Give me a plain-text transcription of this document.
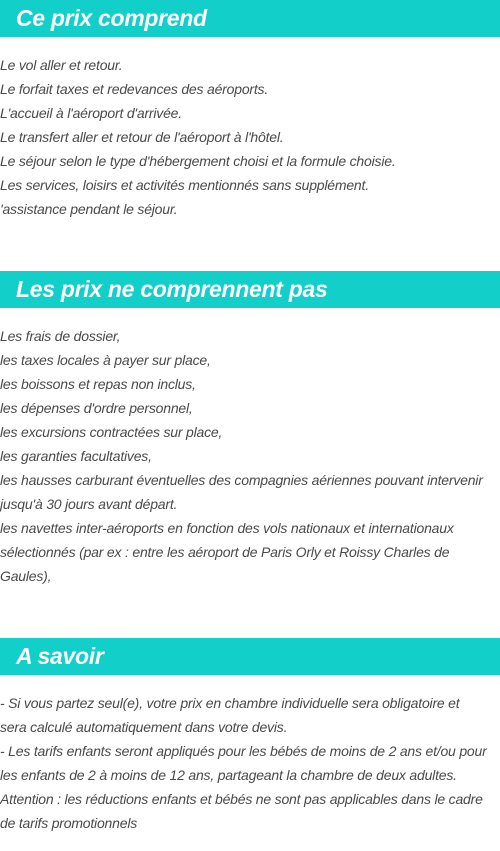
Ce prix comprend
Le vol aller et retour.
Le forfait taxes et redevances des aéroports.
L'accueil à l'aéroport d'arrivée.
Le transfert aller et retour de l'aéroport à l'hôtel.
Le séjour selon le type d'hébergement choisi et la formule choisie.
Les services, loisirs et activités mentionnés sans supplément.
'assistance pendant le séjour.
Les prix ne comprennent pas
Les frais de dossier,
les taxes locales à payer sur place,
les boissons et repas non inclus,
les dépenses d'ordre personnel,
les excursions contractées sur place,
les garanties facultatives,
les hausses carburant éventuelles des compagnies aériennes pouvant intervenir
jusqu'à 30 jours avant départ.
les navettes inter-aéroports en fonction des vols nationaux et internationaux
sélectionnés (par ex : entre les aéroport de Paris Orly et Roissy Charles de
Gaules),
A savoir
- Si vous partez seul(e), votre prix en chambre individuelle sera obligatoire et
sera calculé automatiquement dans votre devis.
- Les tarifs enfants seront appliqués pour les bébés de moins de 2 ans et/ou pour
les enfants de 2 à moins de 12 ans, partageant la chambre de deux adultes.
Attention : les réductions enfants et bébés ne sont pas applicables dans le cadre
de tarifs promotionnels
